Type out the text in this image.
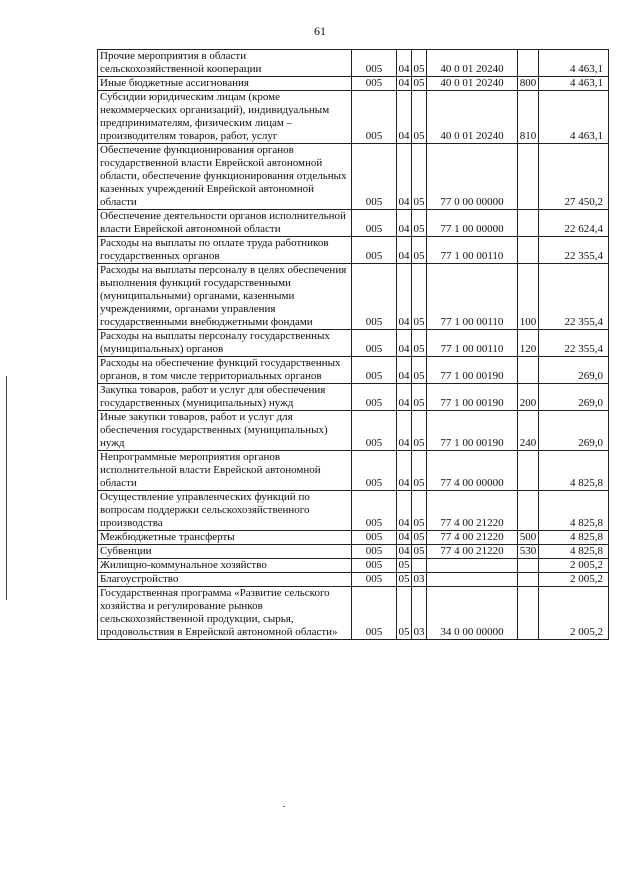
61
Прочие мероприятия в области сельскохозяйственной кооперации	005	04	05	40 0 01 20240		4 463,1
Иные бюджетные ассигнования	005	04	05	40 0 01 20240	800	4 463,1
Субсидии юридическим лицам (кроме некоммерческих организаций), индивидуальным предпринимателям, физическим лицам – производителям товаров, работ, услуг	005	04	05	40 0 01 20240	810	4 463,1
Обеспечение функционирования органов государственной власти Еврейской автономной области, обеспечение функционирования отдельных казенных учреждений Еврейской автономной области	005	04	05	77 0 00 00000		27 450,2
Обеспечение деятельности органов исполнительной власти Еврейской автономной области	005	04	05	77 1 00 00000		22 624,4
Расходы на выплаты по оплате труда работников государственных органов	005	04	05	77 1 00 00110		22 355,4
Расходы на выплаты персоналу в целях обеспечения выполнения функций государственными (муниципальными) органами, казенными учреждениями, органами управления государственными внебюджетными фондами	005	04	05	77 1 00 00110	100	22 355,4
Расходы на выплаты персоналу государственных (муниципальных) органов	005	04	05	77 1 00 00110	120	22 355,4
Расходы на обеспечение функций государственных органов, в том числе территориальных органов	005	04	05	77 1 00 00190		269,0
Закупка товаров, работ и услуг для обеспечения государственных (муниципальных) нужд	005	04	05	77 1 00 00190	200	269,0
Иные закупки товаров, работ и услуг для обеспечения государственных (муниципальных) нужд	005	04	05	77 1 00 00190	240	269,0
Непрограммные мероприятия органов исполнительной власти Еврейской автономной области	005	04	05	77 4 00 00000		4 825,8
Осуществление управленческих функций по вопросам поддержки сельскохозяйственного производства	005	04	05	77 4 00 21220		4 825,8
Межбюджетные трансферты	005	04	05	77 4 00 21220	500	4 825,8
Субвенции	005	04	05	77 4 00 21220	530	4 825,8
Жилищно-коммунальное хозяйство	005	05				2 005,2
Благоустройство	005	05	03			2 005,2
Государственная программа «Развитие сельского хозяйства и регулирование рынков сельскохозяйственной продукции, сырья, продовольствия в Еврейской автономной области»	005	05	03	34 0 00 00000		2 005,2
